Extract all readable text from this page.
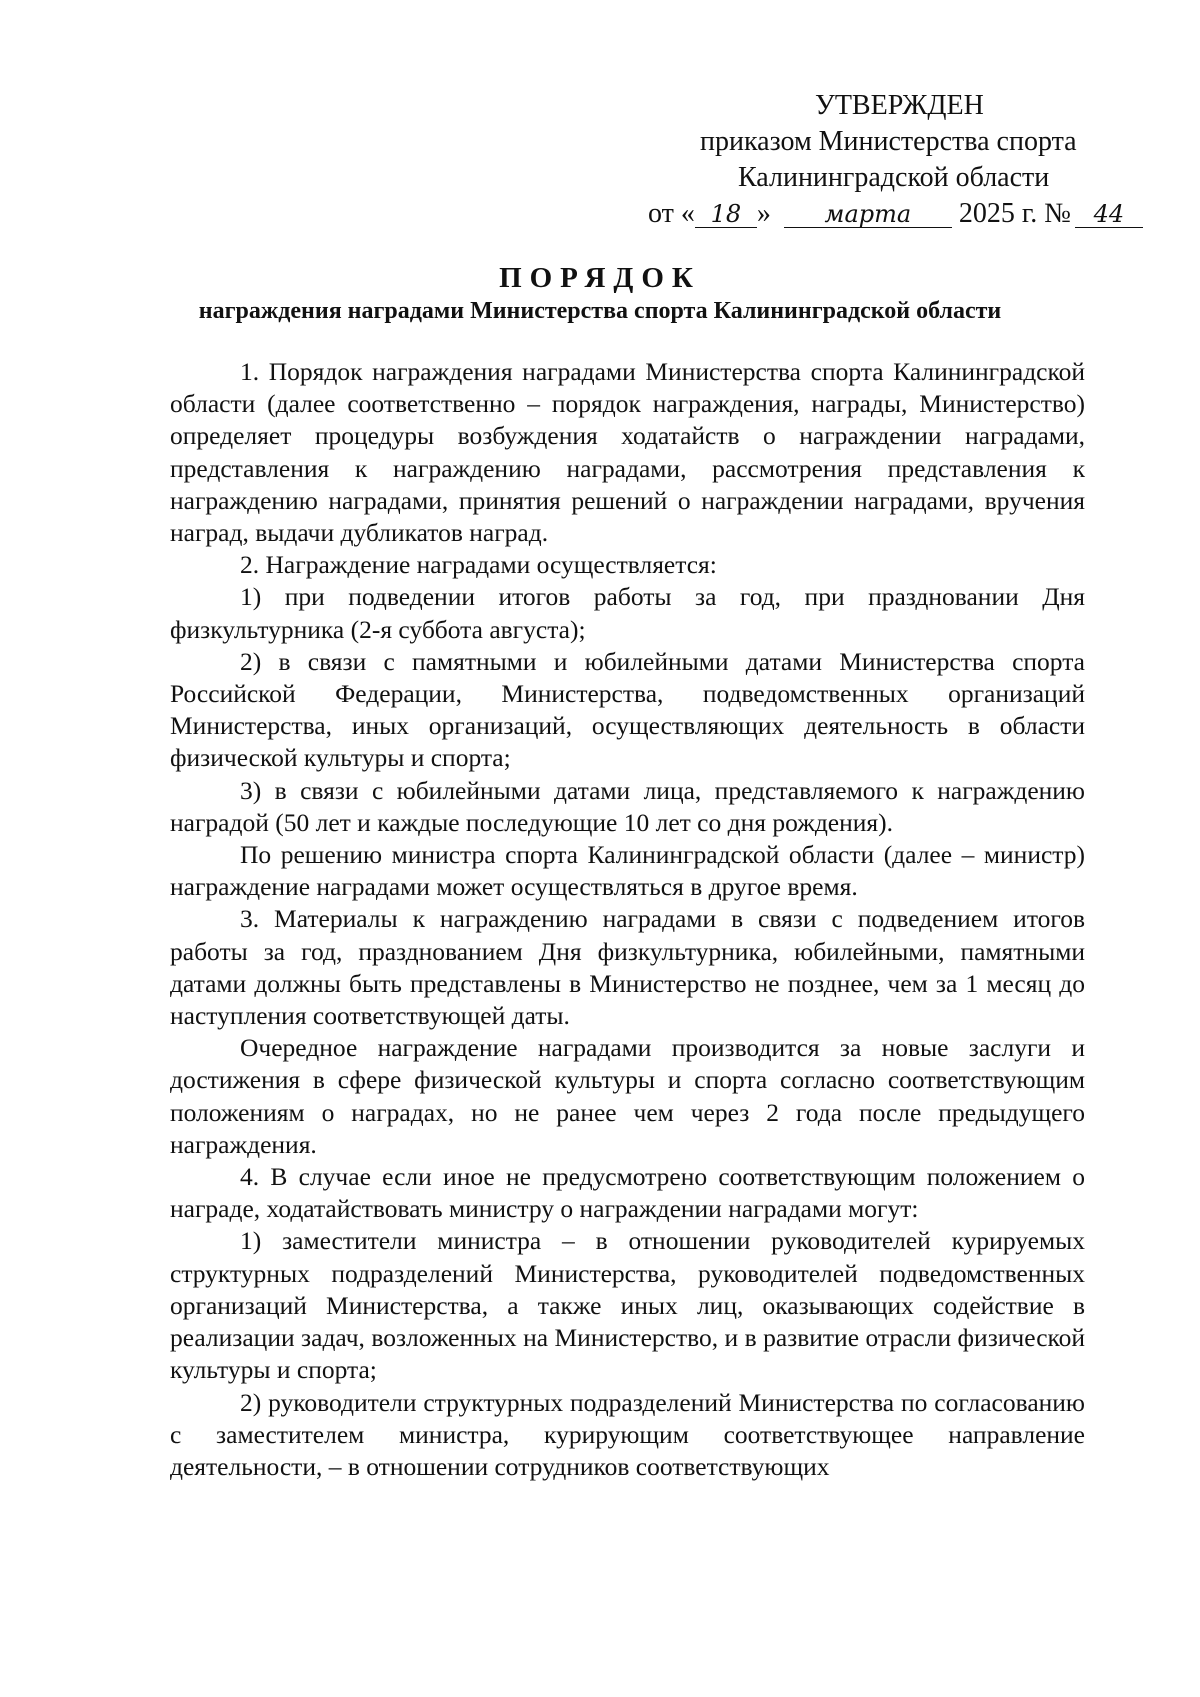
УТВЕРЖДЕН
приказом Министерства спорта
Калининградской области
от « 18 » марта 2025 г. № 44
ПОРЯДОК
награждения наградами Министерства спорта Калининградской области

1. Порядок награждения наградами Министерства спорта Калининградской области (далее соответственно – порядок награждения, награды, Министерство) определяет процедуры возбуждения ходатайств о награждении наградами, представления к награждению наградами, рассмотрения представления к награждению наградами, принятия решений о награждении наградами, вручения наград, выдачи дубликатов наград.

2. Награждение наградами осуществляется:

1) при подведении итогов работы за год, при праздновании Дня физкультурника (2-я суббота августа);

2) в связи с памятными и юбилейными датами Министерства спорта Российской Федерации, Министерства, подведомственных организаций Министерства, иных организаций, осуществляющих деятельность в области физической культуры и спорта;

3) в связи с юбилейными датами лица, представляемого к награждению наградой (50 лет и каждые последующие 10 лет со дня рождения).

По решению министра спорта Калининградской области (далее – министр) награждение наградами может осуществляться в другое время.

3. Материалы к награждению наградами в связи с подведением итогов работы за год, празднованием Дня физкультурника, юбилейными, памятными датами должны быть представлены в Министерство не позднее, чем за 1 месяц до наступления соответствующей даты.

Очередное награждение наградами производится за новые заслуги и достижения в сфере физической культуры и спорта согласно соответствующим положениям о наградах, но не ранее чем через 2 года после предыдущего награждения.

4. В случае если иное не предусмотрено соответствующим положением о награде, ходатайствовать министру о награждении наградами могут:

1) заместители министра – в отношении руководителей курируемых структурных подразделений Министерства, руководителей подведомственных организаций Министерства, а также иных лиц, оказывающих содействие в реализации задач, возложенных на Министерство, и в развитие отрасли физической культуры и спорта;

2) руководители структурных подразделений Министерства по согласованию с заместителем министра, курирующим соответствующее направление деятельности, – в отношении сотрудников соответствующих
